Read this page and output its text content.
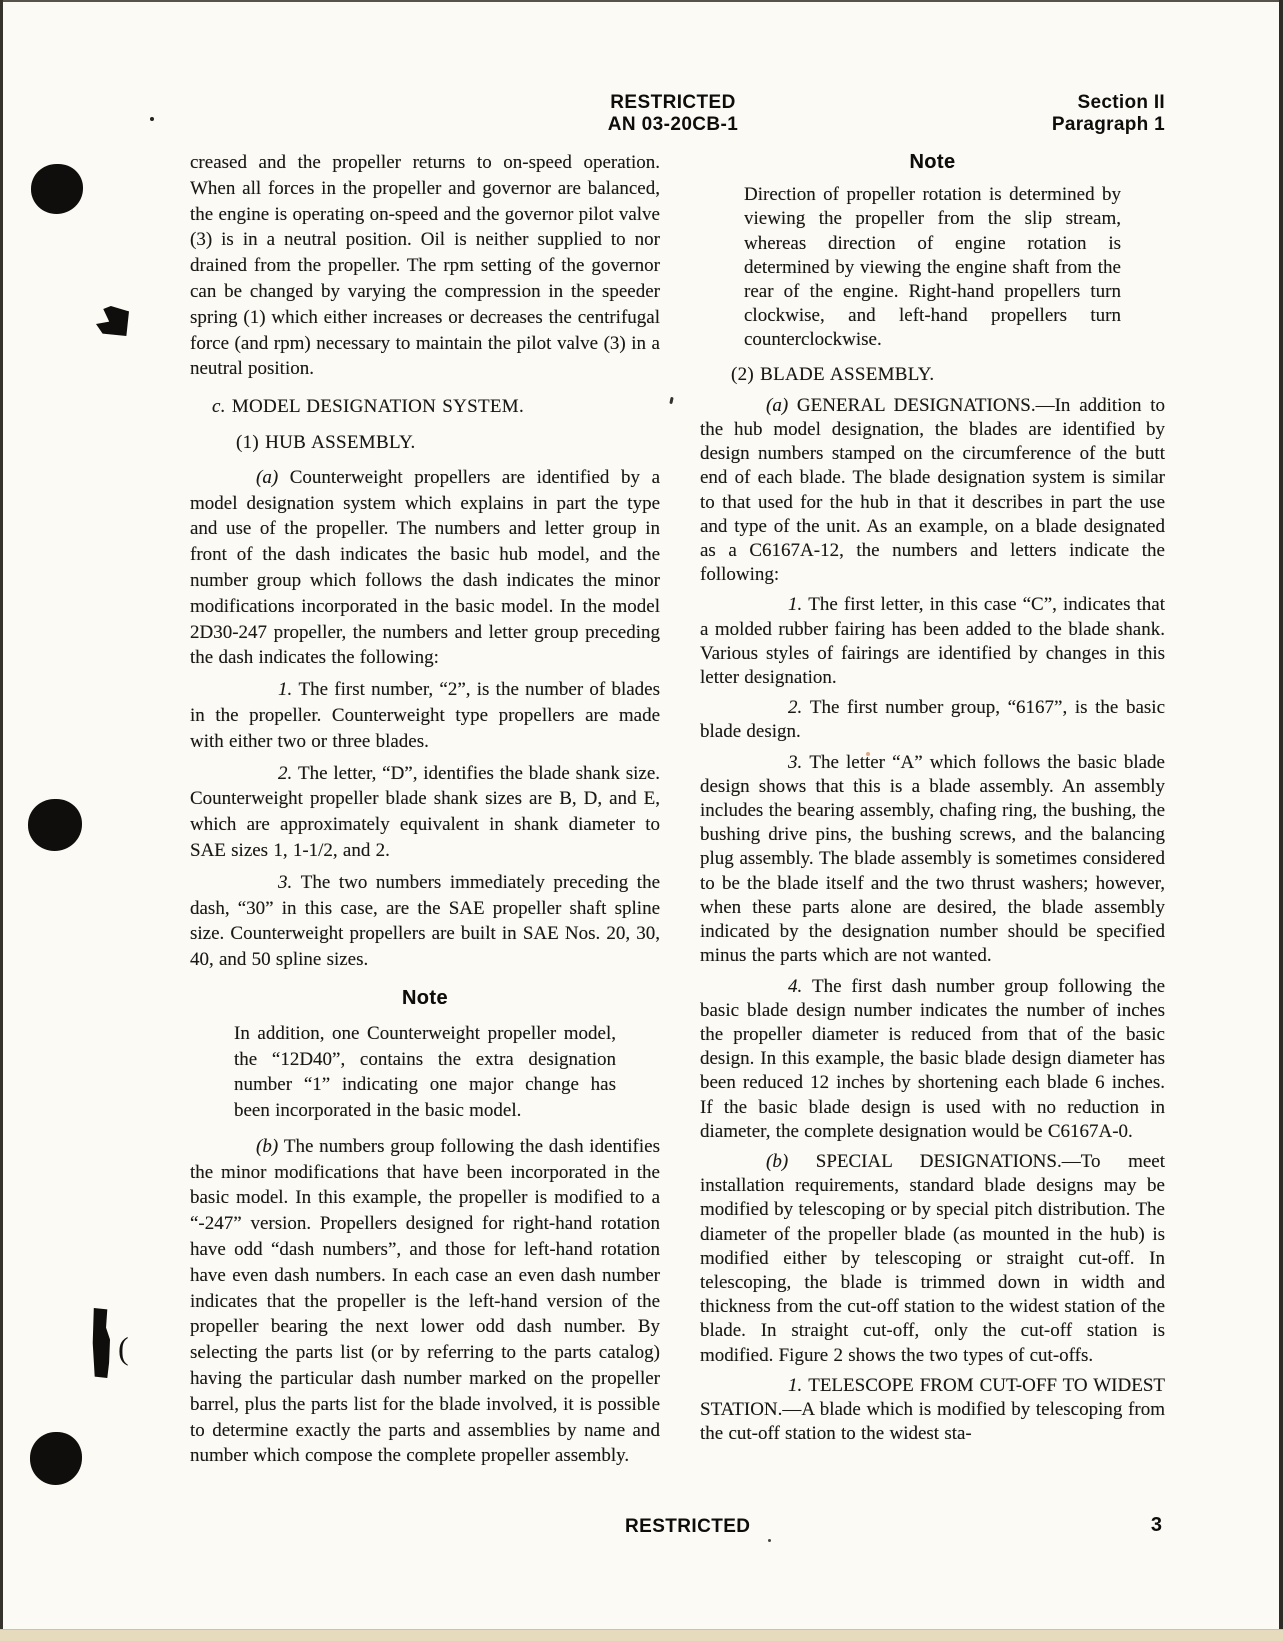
(
RESTRICTED
AN 03-20CB-1
Section II
Paragraph 1

creased and the propeller returns to on-speed operation. When all forces in the propeller and governor are balanced, the engine is operating on-speed and the governor pilot valve (3) is in a neutral position. Oil is neither supplied to nor drained from the propeller. The rpm setting of the governor can be changed by varying the compression in the speeder spring (1) which either increases or decreases the centrifugal force (and rpm) necessary to maintain the pilot valve (3) in a neutral position.

c. MODEL DESIGNATION SYSTEM.

(1) HUB ASSEMBLY.

(a) Counterweight propellers are identified by a model designation system which explains in part the type and use of the propeller. The numbers and letter group in front of the dash indicates the basic hub model, and the number group which follows the dash indicates the minor modifications incorporated in the basic model. In the model 2D30-247 propeller, the numbers and letter group preceding the dash indicates the following:

1. The first number, “2”, is the number of blades in the propeller. Counterweight type propellers are made with either two or three blades.

2. The letter, “D”, identifies the blade shank size. Counterweight propeller blade shank sizes are B, D, and E, which are approximately equivalent in shank diameter to SAE sizes 1, 1-1/2, and 2.

3. The two numbers immediately preceding the dash, “30” in this case, are the SAE propeller shaft spline size. Counterweight propellers are built in SAE Nos. 20, 30, 40, and 50 spline sizes.

Note

In addition, one Counterweight propeller model, the “12D40”, contains the extra designation number “1” indicating one major change has been incorporated in the basic model.

(b) The numbers group following the dash identifies the minor modifications that have been incorporated in the basic model. In this example, the propeller is modified to a “-247” version. Propellers designed for right-hand rotation have odd “dash numbers”, and those for left-hand rotation have even dash numbers. In each case an even dash number indicates that the propeller is the left-hand version of the propeller bearing the next lower odd dash number. By selecting the parts list (or by referring to the parts catalog) having the particular dash number marked on the propeller barrel, plus the parts list for the blade involved, it is possible to determine exactly the parts and assemblies by name and number which compose the complete propeller assembly.

Note

Direction of propeller rotation is determined by viewing the propeller from the slip stream, whereas direction of engine rotation is determined by viewing the engine shaft from the rear of the engine. Right-hand propellers turn clockwise, and left-hand propellers turn counterclockwise.

(2) BLADE ASSEMBLY.

(a) GENERAL DESIGNATIONS.—In addition to the hub model designation, the blades are identified by design numbers stamped on the circumference of the butt end of each blade. The blade designation system is similar to that used for the hub in that it describes in part the use and type of the unit. As an example, on a blade designated as a C6167A-12, the numbers and letters indicate the following:

1. The first letter, in this case “C”, indicates that a molded rubber fairing has been added to the blade shank. Various styles of fairings are identified by changes in this letter designation.

2. The first number group, “6167”, is the basic blade design.

3. The letter “A” which follows the basic blade design shows that this is a blade assembly. An assembly includes the bearing assembly, chafing ring, the bushing, the bushing drive pins, the bushing screws, and the balancing plug assembly. The blade assembly is sometimes considered to be the blade itself and the two thrust washers; however, when these parts alone are desired, the blade assembly indicated by the designation number should be specified minus the parts which are not wanted.

4. The first dash number group following the basic blade design number indicates the number of inches the propeller diameter is reduced from that of the basic design. In this example, the basic blade design diameter has been reduced 12 inches by shortening each blade 6 inches. If the basic blade design is used with no reduction in diameter, the complete designation would be C6167A-0.

(b) SPECIAL DESIGNATIONS.—To meet installation requirements, standard blade designs may be modified by telescoping or by special pitch distribution. The diameter of the propeller blade (as mounted in the hub) is modified either by telescoping or straight cut-off. In telescoping, the blade is trimmed down in width and thickness from the cut-off station to the widest station of the blade. In straight cut-off, only the cut-off station is modified. Figure 2 shows the two types of cut-offs.

1. TELESCOPE FROM CUT-OFF TO WIDEST STATION.—A blade which is modified by telescoping from the cut-off station to the widest sta-

RESTRICTED	3
